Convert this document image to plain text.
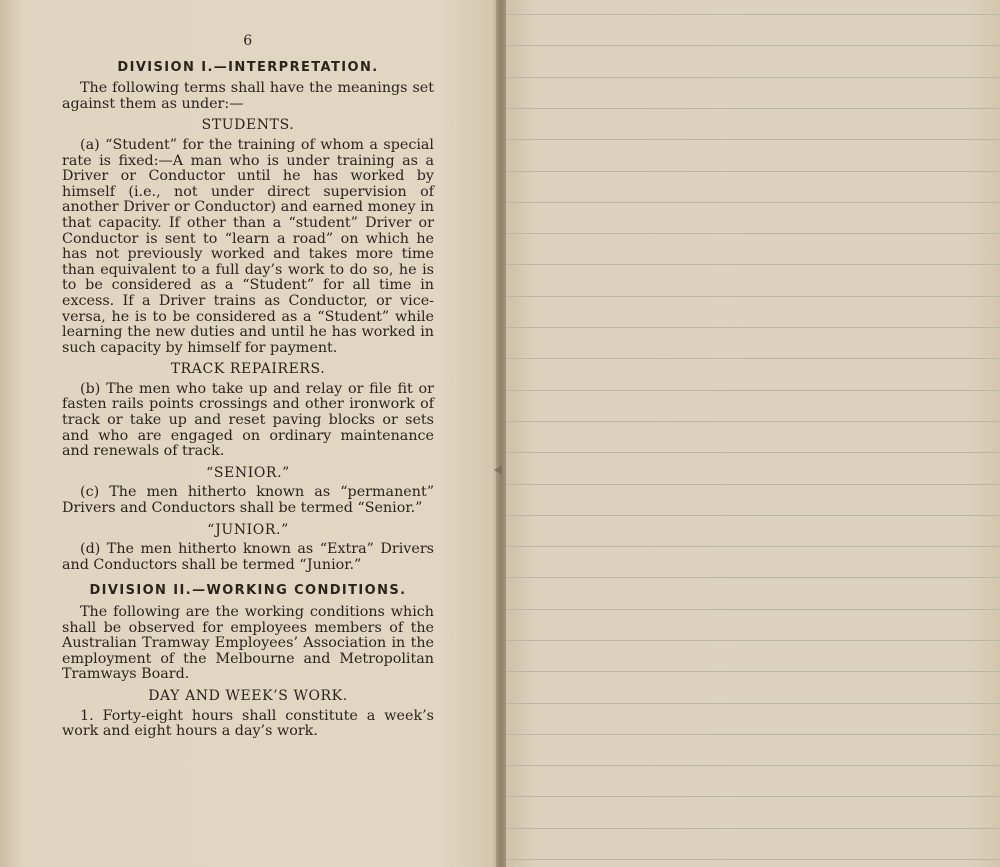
6
DIVISION I.—INTERPRETATION.

The following terms shall have the meanings set against them as under:—

STUDENTS.

(a) “Student” for the training of whom a special rate is fixed:—A man who is under training as a Driver or Conductor until he has worked by himself (i.e., not under direct supervision of another Driver or Conductor) and earned money in that capacity. If other than a “student” Driver or Conductor is sent to “learn a road” on which he has not previously worked and takes more time than equivalent to a full day’s work to do so, he is to be considered as a “Student” for all time in excess. If a Driver trains as Conductor, or vice-versa, he is to be considered as a “Student” while learning the new duties and until he has worked in such capacity by himself for payment.

TRACK REPAIRERS.

(b) The men who take up and relay or file fit or fasten rails points crossings and other ironwork of track or take up and reset paving blocks or sets and who are engaged on ordinary maintenance and renewals of track.

“SENIOR.”

(c) The men hitherto known as “permanent” Drivers and Conductors shall be termed “Senior.”

“JUNIOR.”

(d) The men hitherto known as “Extra” Drivers and Conductors shall be termed “Junior.”

DIVISION II.—WORKING CONDITIONS.

The following are the working conditions which shall be observed for employees members of the Australian Tramway Employees’ Association in the employment of the Melbourne and Metropolitan Tramways Board.

DAY AND WEEK’S WORK.

1. Forty-eight hours shall constitute a week’s work and eight hours a day’s work.
